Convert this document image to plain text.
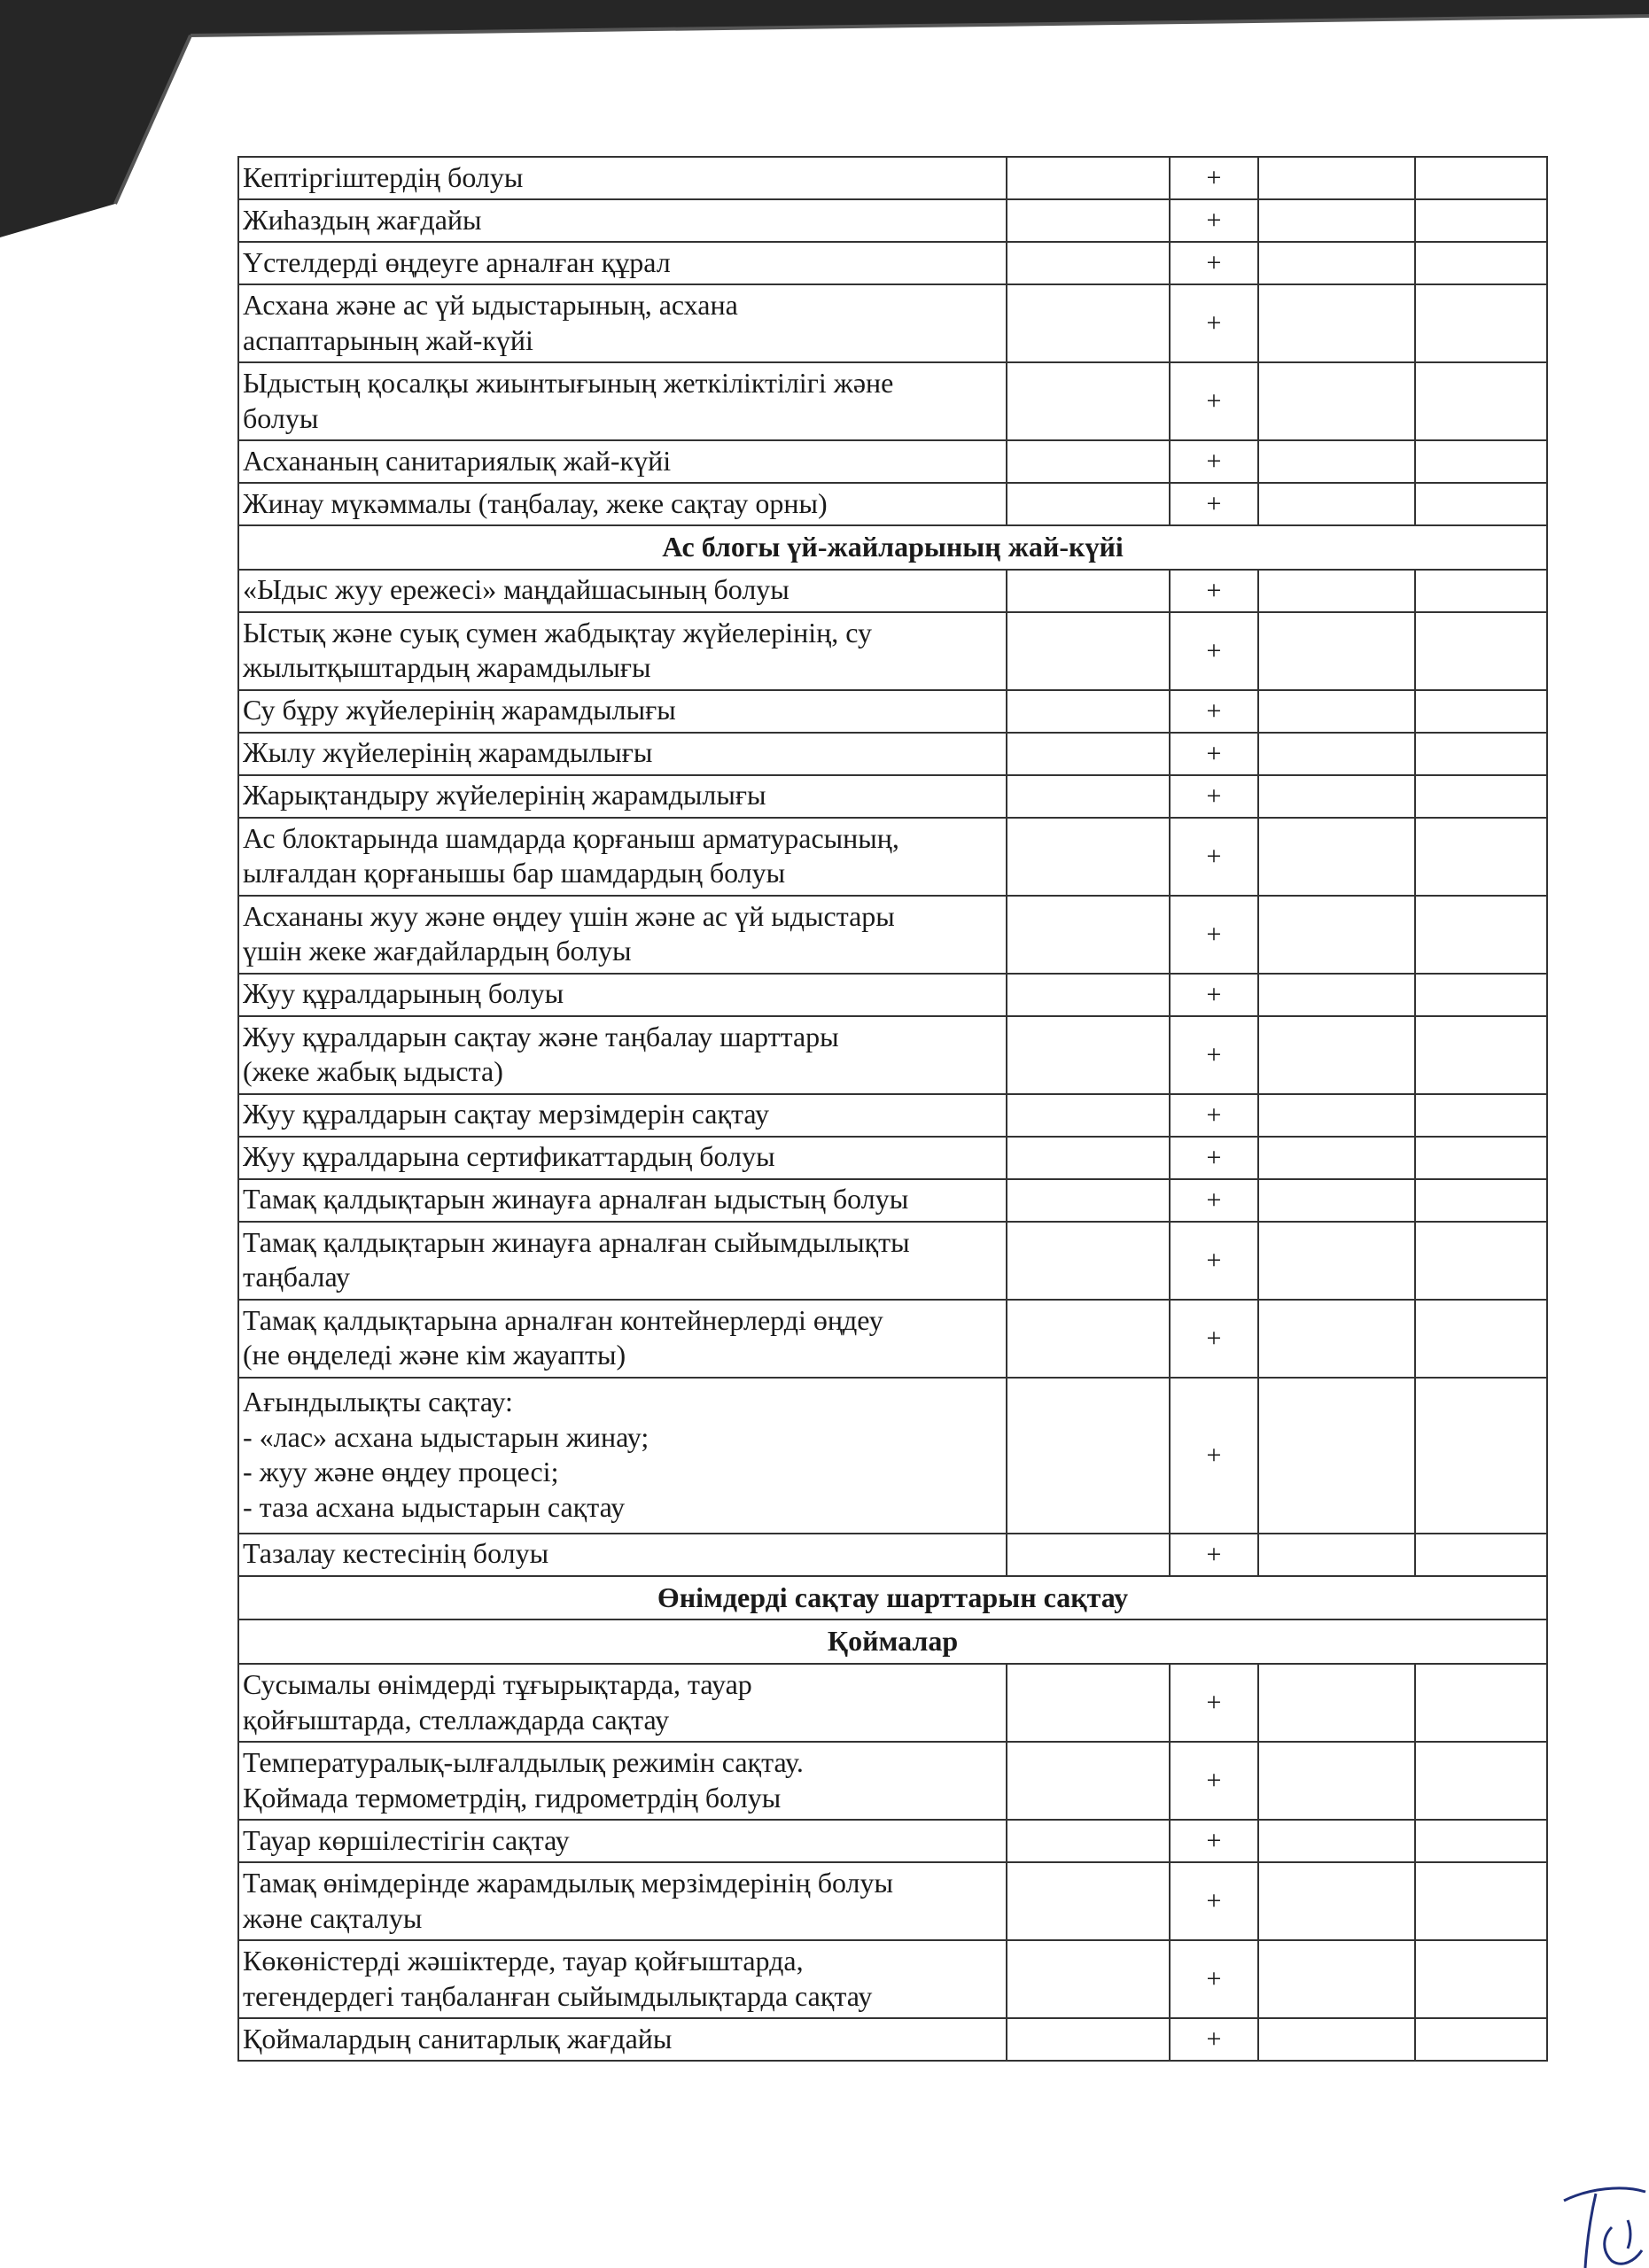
Кептіргіштердің болуы		+		
Жиһаздың жағдайы		+		
Үстелдерді өңдеуге арналған құрал		+		
Асхана және ас үй ыдыстарының, асхана
аспаптарының жай-күйі		+		
Ыдыстың қосалқы жиынтығының жеткіліктілігі және
болуы		+		
Асхананың санитариялық жай-күйі		+		
Жинау мүкәммалы (таңбалау, жеке сақтау орны)		+		
Ас блогы үй-жайларының жай-күйі				
«Ыдыс жуу ережесі» маңдайшасының болуы		+		
Ыстық және суық сумен жабдықтау жүйелерінің, су
жылытқыштардың жарамдылығы		+		
Су бұру жүйелерінің жарамдылығы		+		
Жылу жүйелерінің жарамдылығы		+		
Жарықтандыру жүйелерінің жарамдылығы		+		
Ас блоктарында шамдарда қорғаныш арматурасының,
ылғалдан қорғанышы бар шамдардың болуы		+		
Асхананы жуу және өңдеу үшін және ас үй ыдыстары
үшін жеке жағдайлардың болуы		+		
Жуу құралдарының болуы		+		
Жуу құралдарын сақтау және таңбалау шарттары
(жеке жабық ыдыста)		+		
Жуу құралдарын сақтау мерзімдерін сақтау		+		
Жуу құралдарына сертификаттардың болуы		+		
Тамақ қалдықтарын жинауға арналған ыдыстың болуы		+		
Тамақ қалдықтарын жинауға арналған сыйымдылықты
таңбалау		+		
Тамақ қалдықтарына арналған контейнерлерді өңдеу
(не өңделеді және кім жауапты)		+		
Ағындылықты сақтау:
- «лас» асхана ыдыстарын жинау;
- жуу және өңдеу процесі;
- таза асхана ыдыстарын сақтау		+		
Тазалау кестесінің болуы		+		
Өнімдерді сақтау шарттарын сақтау				
Қоймалар				
Сусымалы өнімдерді тұғырықтарда, тауар
қойғыштарда, стеллаждарда сақтау		+		
Температуралық-ылғалдылық режимін сақтау.
Қоймада термометрдің, гидрометрдің болуы		+		
Тауар көршілестігін сақтау		+		
Тамақ өнімдерінде жарамдылық мерзімдерінің болуы
және сақталуы		+		
Көкөністерді жәшіктерде, тауар қойғыштарда,
тегендердегі таңбаланған сыйымдылықтарда сақтау		+		
Қоймалардың санитарлық жағдайы		+		
